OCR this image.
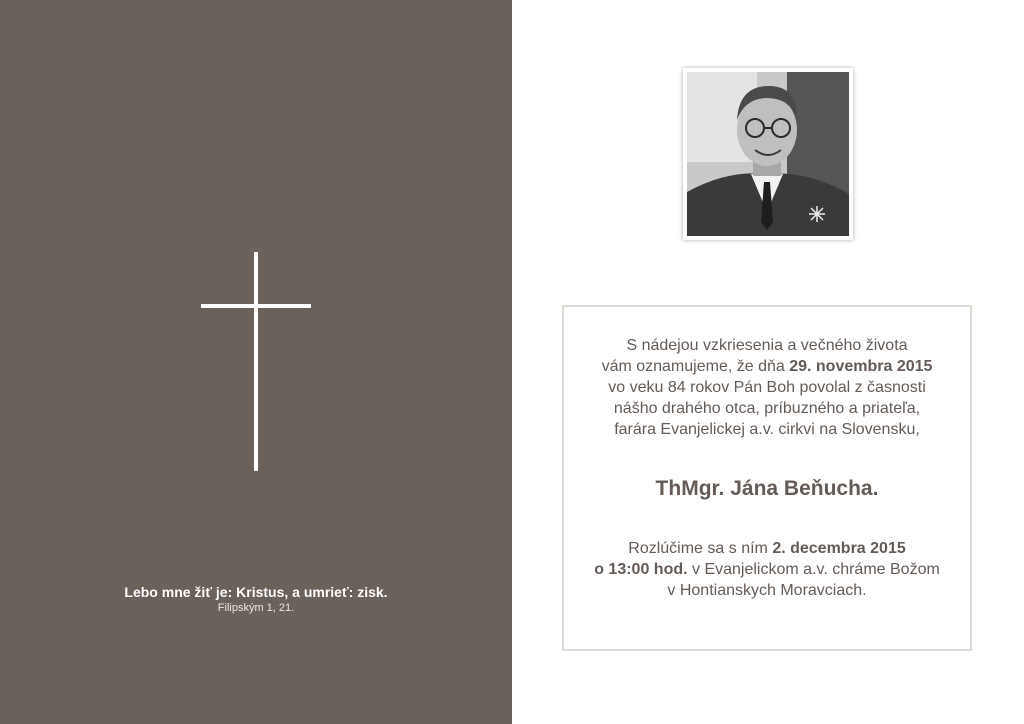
Lebo mne žiť je: Kristus, a umrieť: zisk.
Filipským 1, 21.
S nádejou vzkriesenia a večného života
vám oznamujeme, že dňa 29. novembra 2015
vo veku 84 rokov Pán Boh povolal z časnosti
nášho drahého otca, príbuzného a priateľa,
farára Evanjelickej a.v. cirkvi na Slovensku,
ThMgr. Jána Beňucha.
Rozlúčime sa s ním 2. decembra 2015
o 13:00 hod. v Evanjelickom a.v. chráme Božom
v Hontianskych Moravciach.
